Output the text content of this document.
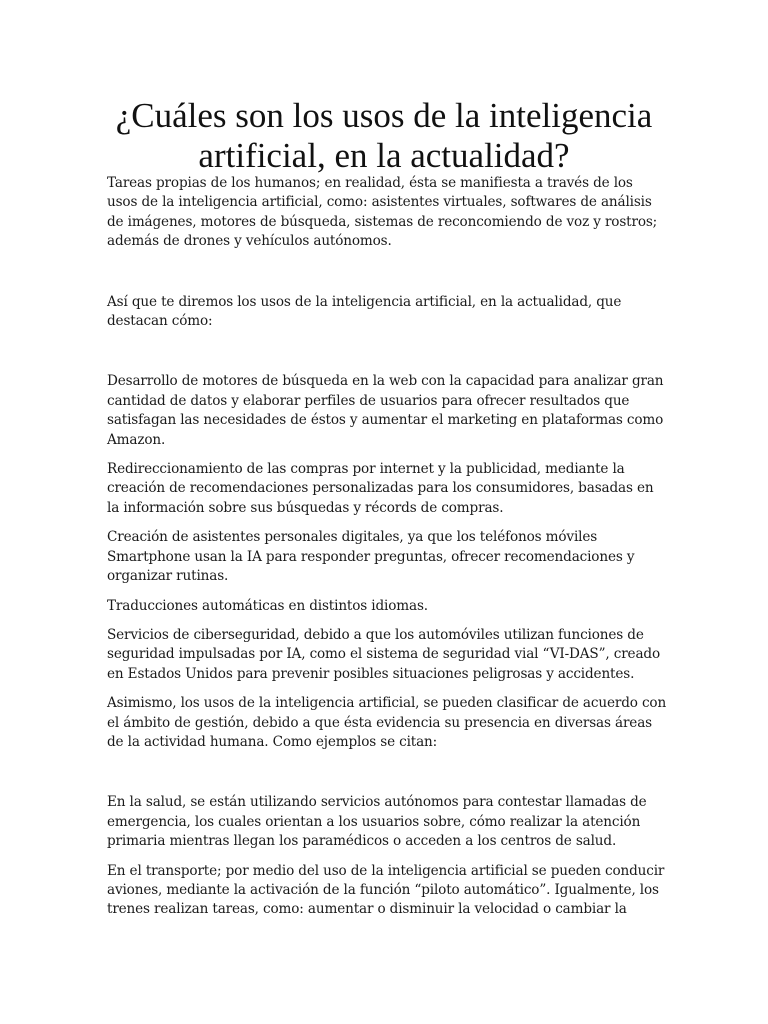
¿Cuáles son los usos de la inteligencia artificial, en la actualidad?

Tareas propias de los humanos; en realidad, ésta se manifiesta a través de los usos de la inteligencia artificial, como: asistentes virtuales, softwares de análisis de imágenes, motores de búsqueda, sistemas de reconcomiendo de voz y rostros; además de drones y vehículos autónomos.

Así que te diremos los usos de la inteligencia artificial, en la actualidad, que destacan cómo:

Desarrollo de motores de búsqueda en la web con la capacidad para analizar gran cantidad de datos y elaborar perfiles de usuarios para ofrecer resultados que satisfagan las necesidades de éstos y aumentar el marketing en plataformas como Amazon.

Redireccionamiento de las compras por internet y la publicidad, mediante la creación de recomendaciones personalizadas para los consumidores, basadas en la información sobre sus búsquedas y récords de compras.

Creación de asistentes personales digitales, ya que los teléfonos móviles Smartphone usan la IA para responder preguntas, ofrecer recomendaciones y organizar rutinas.

Traducciones automáticas en distintos idiomas.

Servicios de ciberseguridad, debido a que los automóviles utilizan funciones de seguridad impulsadas por IA, como el sistema de seguridad vial “VI-DAS”, creado en Estados Unidos para prevenir posibles situaciones peligrosas y accidentes.

Asimismo, los usos de la inteligencia artificial, se pueden clasificar de acuerdo con el ámbito de gestión, debido a que ésta evidencia su presencia en diversas áreas de la actividad humana. Como ejemplos se citan:

En la salud, se están utilizando servicios autónomos para contestar llamadas de emergencia, los cuales orientan a los usuarios sobre, cómo realizar la atención primaria mientras llegan los paramédicos o acceden a los centros de salud.

En el transporte; por medio del uso de la inteligencia artificial se pueden conducir aviones, mediante la activación de la función “piloto automático”. Igualmente, los trenes realizan tareas, como: aumentar o disminuir la velocidad o cambiar la
